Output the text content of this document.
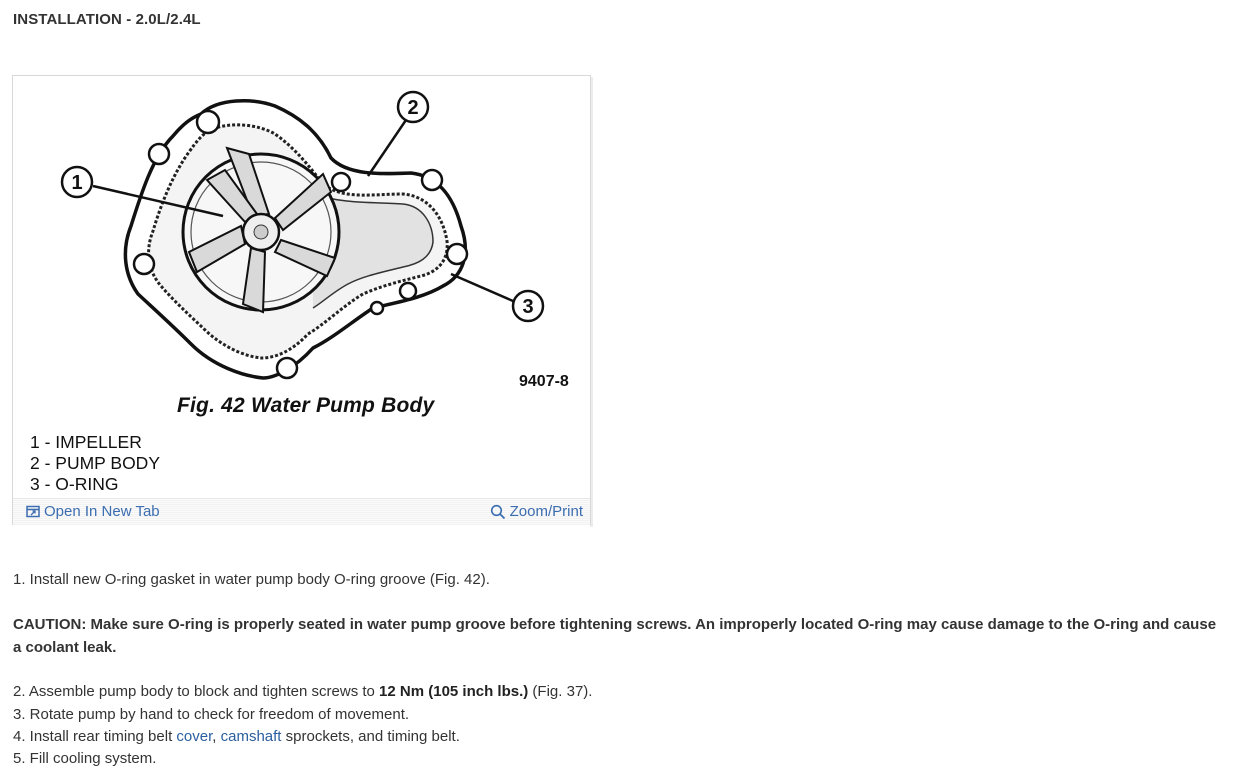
INSTALLATION - 2.0L/2.4L
1
2
3
9407-8
Fig. 42 Water Pump Body
1 - IMPELLER
2 - PUMP BODY
3 - O-RING
Open In New Tab	Zoom/Print

1. Install new O-ring gasket in water pump body O-ring groove (Fig. 42).

CAUTION: Make sure O-ring is properly seated in water pump groove before tightening screws. An improperly located O-ring may cause damage to the O-ring and cause a coolant leak.

2. Assemble pump body to block and tighten screws to 12 Nm (105 inch lbs.) (Fig. 37).
3. Rotate pump by hand to check for freedom of movement.
4. Install rear timing belt cover, camshaft sprockets, and timing belt.
5. Fill cooling system.
